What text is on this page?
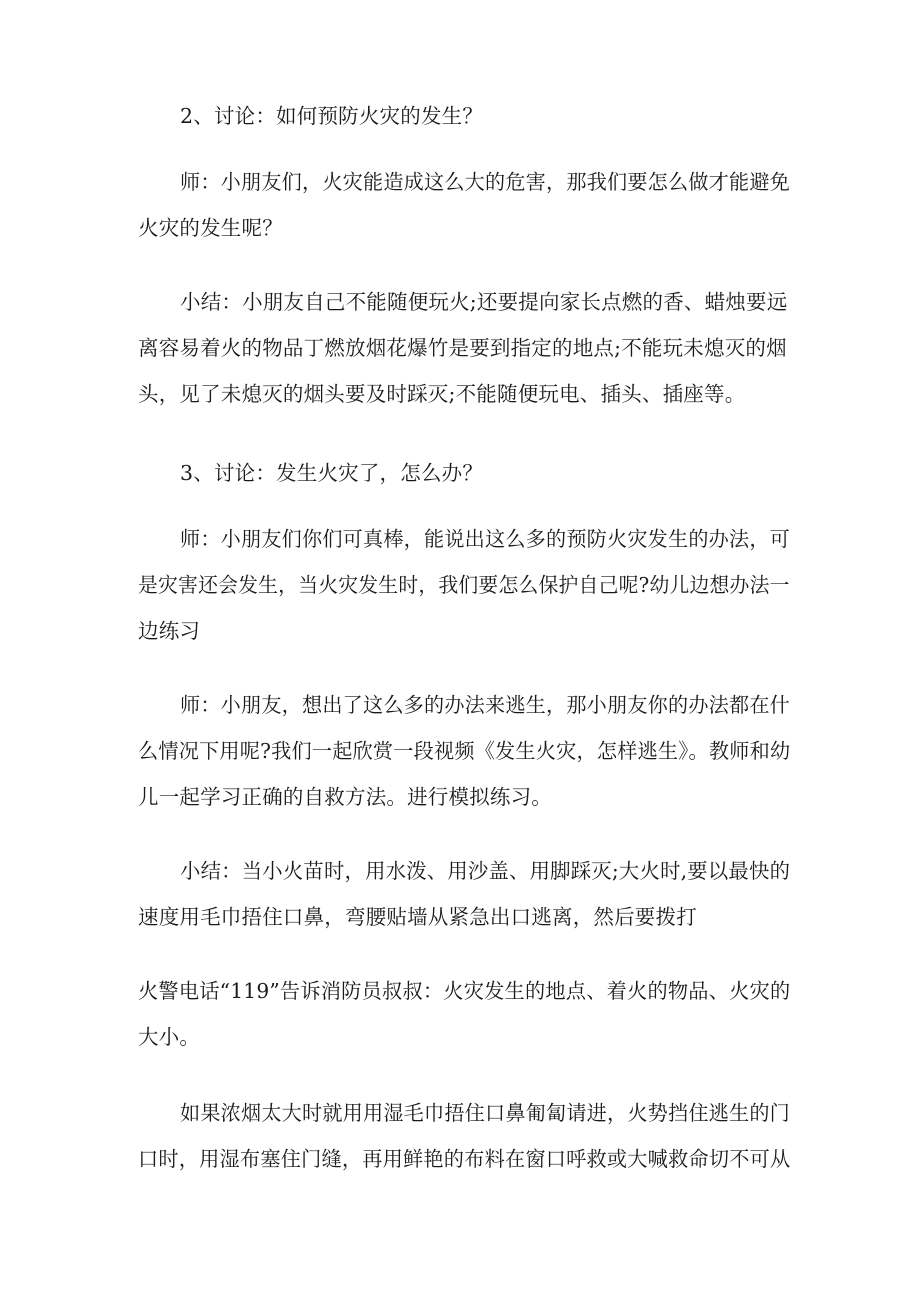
2、讨论：如何预防火灾的发生？

师：小朋友们，火灾能造成这么大的危害，那我们要怎么做才能避免

火灾的发生呢？

小结：小朋友自己不能随便玩火;还要提向家长点燃的香、蜡烛要远

离容易着火的物品丁燃放烟花爆竹是要到指定的地点;不能玩未熄灭的烟

头，见了未熄灭的烟头要及时踩灭;不能随便玩电、插头、插座等。

3、讨论：发生火灾了，怎么办？

师：小朋友们你们可真棒，能说出这么多的预防火灾发生的办法，可

是灾害还会发生，当火灾发生时，我们要怎么保护自己呢?幼儿边想办法一

边练习

师：小朋友，想出了这么多的办法来逃生，那小朋友你的办法都在什

么情况下用呢?我们一起欣赏一段视频《发生火灾，怎样逃生》。教师和幼

儿一起学习正确的自救方法。进行模拟练习。

小结：当小火苗时，用水泼、用沙盖、用脚踩灭;大火时,要以最快的

速度用毛巾捂住口鼻，弯腰贴墙从紧急出口逃离，然后要拨打

火警电话“119”告诉消防员叔叔：火灾发生的地点、着火的物品、火灾的

大小。

如果浓烟太大时就用用湿毛巾捂住口鼻匍匐请进，火势挡住逃生的门

口时，用湿布塞住门缝，再用鲜艳的布料在窗口呼救或大喊救命切不可从
